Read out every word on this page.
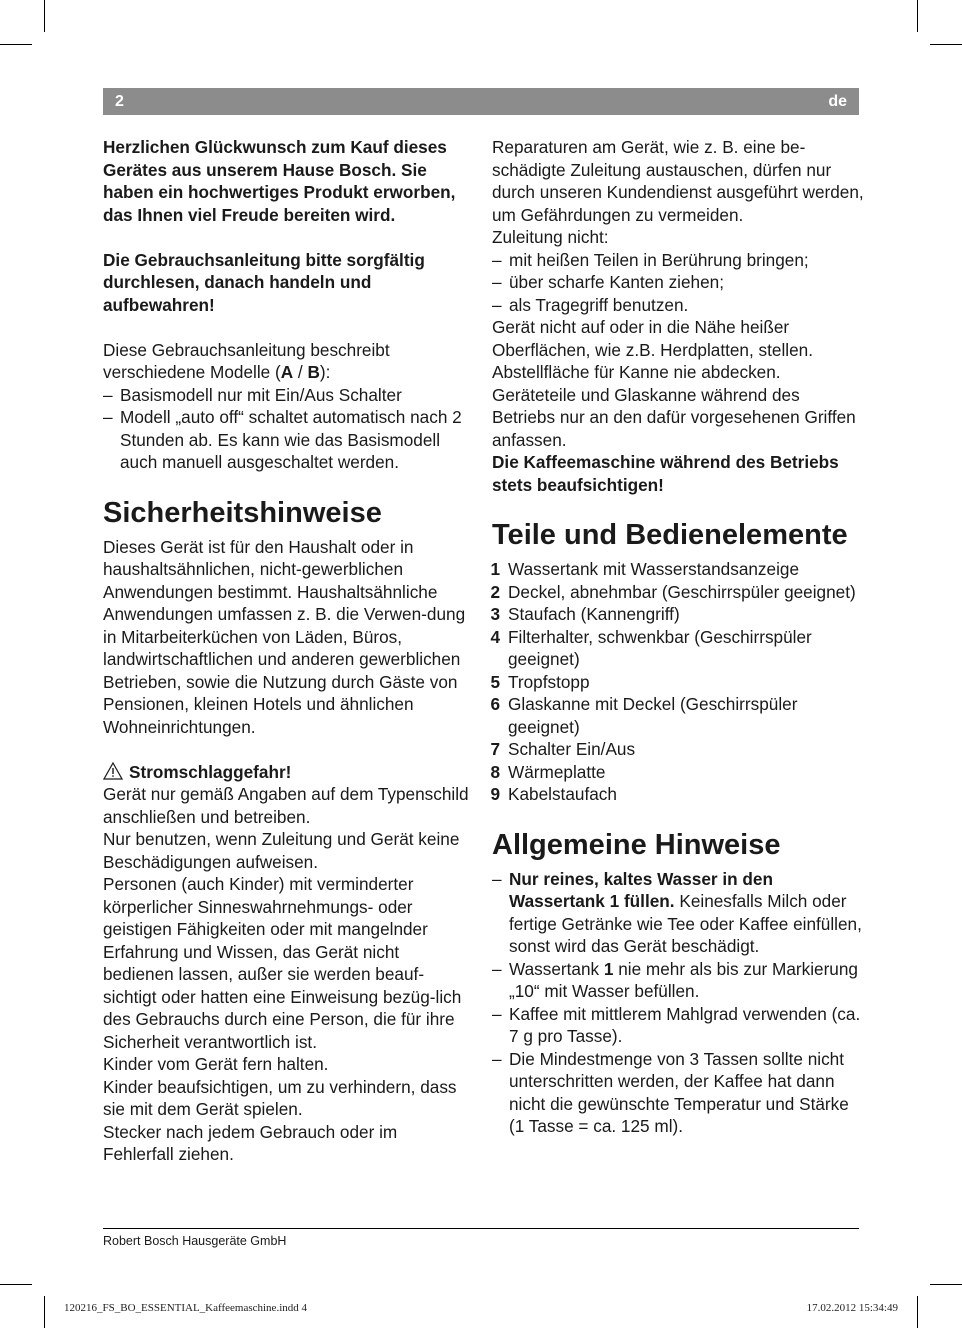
2	de

Herzlichen Glückwunsch zum Kauf dieses Gerätes aus unserem Hause Bosch. Sie haben ein hochwertiges Produkt erworben, das Ihnen viel Freude bereiten wird.

Die Gebrauchsanleitung bitte sorgfältig durchlesen, danach handeln und aufbewahren!

Diese Gebrauchsanleitung beschreibt verschiedene Modelle (A / B):

– Basismodell nur mit Ein/Aus Schalter
– Modell „auto off“ schaltet automatisch nach 2 Stunden ab. Es kann wie das Basismodell auch manuell ausgeschaltet werden.
Sicherheitshinweise

Dieses Gerät ist für den Haushalt oder in haushaltsähnlichen, nicht-gewerblichen Anwendungen bestimmt. Haushaltsähnliche Anwendungen umfassen z. B. die Verwen-dung in Mitarbeiterküchen von Läden, Büros, landwirtschaftlichen und anderen gewerblichen Betrieben, sowie die Nutzung durch Gäste von Pensionen, kleinen Hotels und ähnlichen Wohneinrichtungen.

Stromschlaggefahr!

Gerät nur gemäß Angaben auf dem Typenschild anschließen und betreiben.

Nur benutzen, wenn Zuleitung und Gerät keine Beschädigungen aufweisen.

Personen (auch Kinder) mit verminderter körperlicher Sinneswahrnehmungs- oder geistigen Fähigkeiten oder mit mangelnder Erfahrung und Wissen, das Gerät nicht bedienen lassen, außer sie werden beauf-sichtigt oder hatten eine Einweisung bezüg-lich des Gebrauchs durch eine Person, die für ihre Sicherheit verantwortlich ist.

Kinder vom Gerät fern halten.

Kinder beaufsichtigen, um zu verhindern, dass sie mit dem Gerät spielen.

Stecker nach jedem Gebrauch oder im Fehlerfall ziehen.

Reparaturen am Gerät, wie z. B. eine be-schädigte Zuleitung austauschen, dürfen nur durch unseren Kundendienst ausgeführt werden, um Gefährdungen zu vermeiden.

Zuleitung nicht:

– mit heißen Teilen in Berührung bringen;
– über scharfe Kanten ziehen;
– als Tragegriff benutzen.

Gerät nicht auf oder in die Nähe heißer Oberflächen, wie z.B. Herdplatten, stellen.

Abstellfläche für Kanne nie abdecken.

Geräteteile und Glaskanne während des Betriebs nur an den dafür vorgesehenen Griffen anfassen.

Die Kaffeemaschine während des Betriebs stets beaufsichtigen!

Teile und Bedienelemente
1 Wassertank mit Wasserstandsanzeige
2 Deckel, abnehmbar (Geschirrspüler geeignet)
3 Staufach (Kannengriff)
4 Filterhalter, schwenkbar (Geschirrspüler geeignet)
5 Tropfstopp
6 Glaskanne mit Deckel (Geschirrspüler geeignet)
7 Schalter Ein/Aus
8 Wärmeplatte
9 Kabelstaufach
Allgemeine Hinweise
– Nur reines, kaltes Wasser in den Wassertank 1 füllen. Keinesfalls Milch oder fertige Getränke wie Tee oder Kaffee einfüllen, sonst wird das Gerät beschädigt.
– Wassertank 1 nie mehr als bis zur Markierung „10“ mit Wasser befüllen.
– Kaffee mit mittlerem Mahlgrad verwenden (ca. 7 g pro Tasse).
– Die Mindestmenge von 3 Tassen sollte nicht unterschritten werden, der Kaffee hat dann nicht die gewünschte Temperatur und Stärke (1 Tasse = ca. 125 ml).
Robert Bosch Hausgeräte GmbH
120216_FS_BO_ESSENTIAL_Kaffeemaschine.indd 4	17.02.2012 15:34:49
